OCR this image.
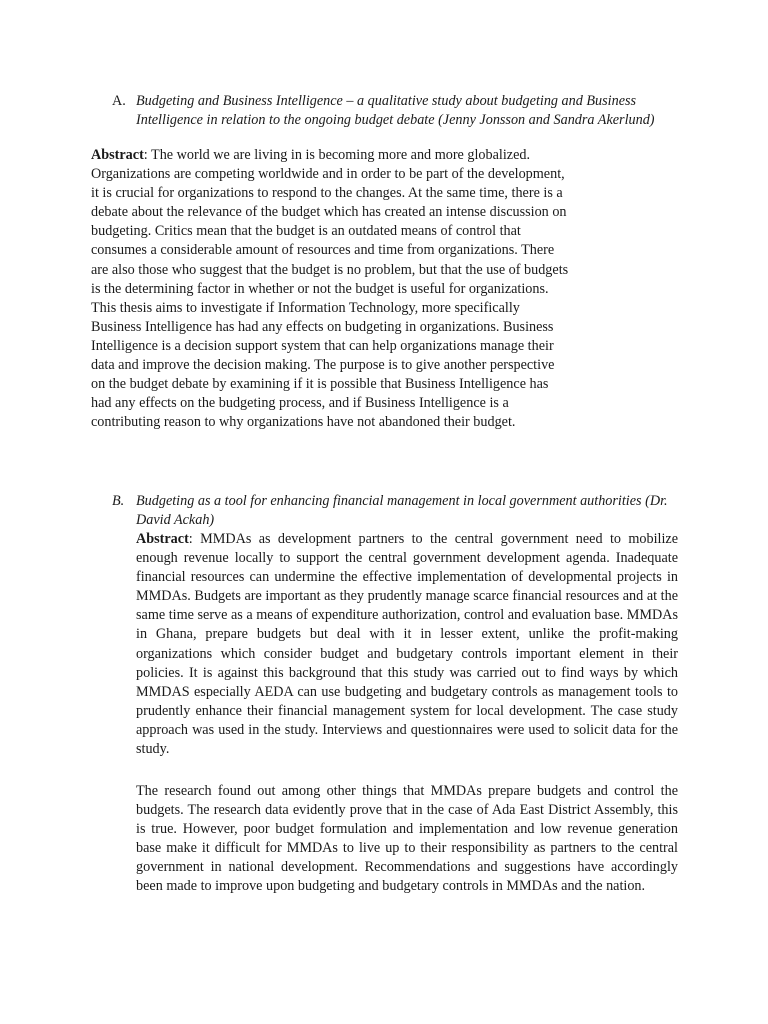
A. Budgeting and Business Intelligence – a qualitative study about budgeting and Business Intelligence in relation to the ongoing budget debate (Jenny Jonsson and Sandra Akerlund)

Abstract: The world we are living in is becoming more and more globalized. Organizations are competing worldwide and in order to be part of the development, it is crucial for organizations to respond to the changes. At the same time, there is a debate about the relevance of the budget which has created an intense discussion on budgeting. Critics mean that the budget is an outdated means of control that consumes a considerable amount of resources and time from organizations. There are also those who suggest that the budget is no problem, but that the use of budgets is the determining factor in whether or not the budget is useful for organizations. This thesis aims to investigate if Information Technology, more specifically Business Intelligence has had any effects on budgeting in organizations. Business Intelligence is a decision support system that can help organizations manage their data and improve the decision making. The purpose is to give another perspective on the budget debate by examining if it is possible that Business Intelligence has had any effects on the budgeting process, and if Business Intelligence is a contributing reason to why organizations have not abandoned their budget.

B. Budgeting as a tool for enhancing financial management in local government authorities (Dr. David Ackah)

Abstract: MMDAs as development partners to the central government need to mobilize enough revenue locally to support the central government development agenda. Inadequate financial resources can undermine the effective implementation of developmental projects in MMDAs. Budgets are important as they prudently manage scarce financial resources and at the same time serve as a means of expenditure authorization, control and evaluation base. MMDAs in Ghana, prepare budgets but deal with it in lesser extent, unlike the profit-making organizations which consider budget and budgetary controls important element in their policies. It is against this background that this study was carried out to find ways by which MMDAS especially AEDA can use budgeting and budgetary controls as management tools to prudently enhance their financial management system for local development. The case study approach was used in the study. Interviews and questionnaires were used to solicit data for the study.

The research found out among other things that MMDAs prepare budgets and control the budgets. The research data evidently prove that in the case of Ada East District Assembly, this is true. However, poor budget formulation and implementation and low revenue generation base make it difficult for MMDAs to live up to their responsibility as partners to the central government in national development. Recommendations and suggestions have accordingly been made to improve upon budgeting and budgetary controls in MMDAs and the nation.
